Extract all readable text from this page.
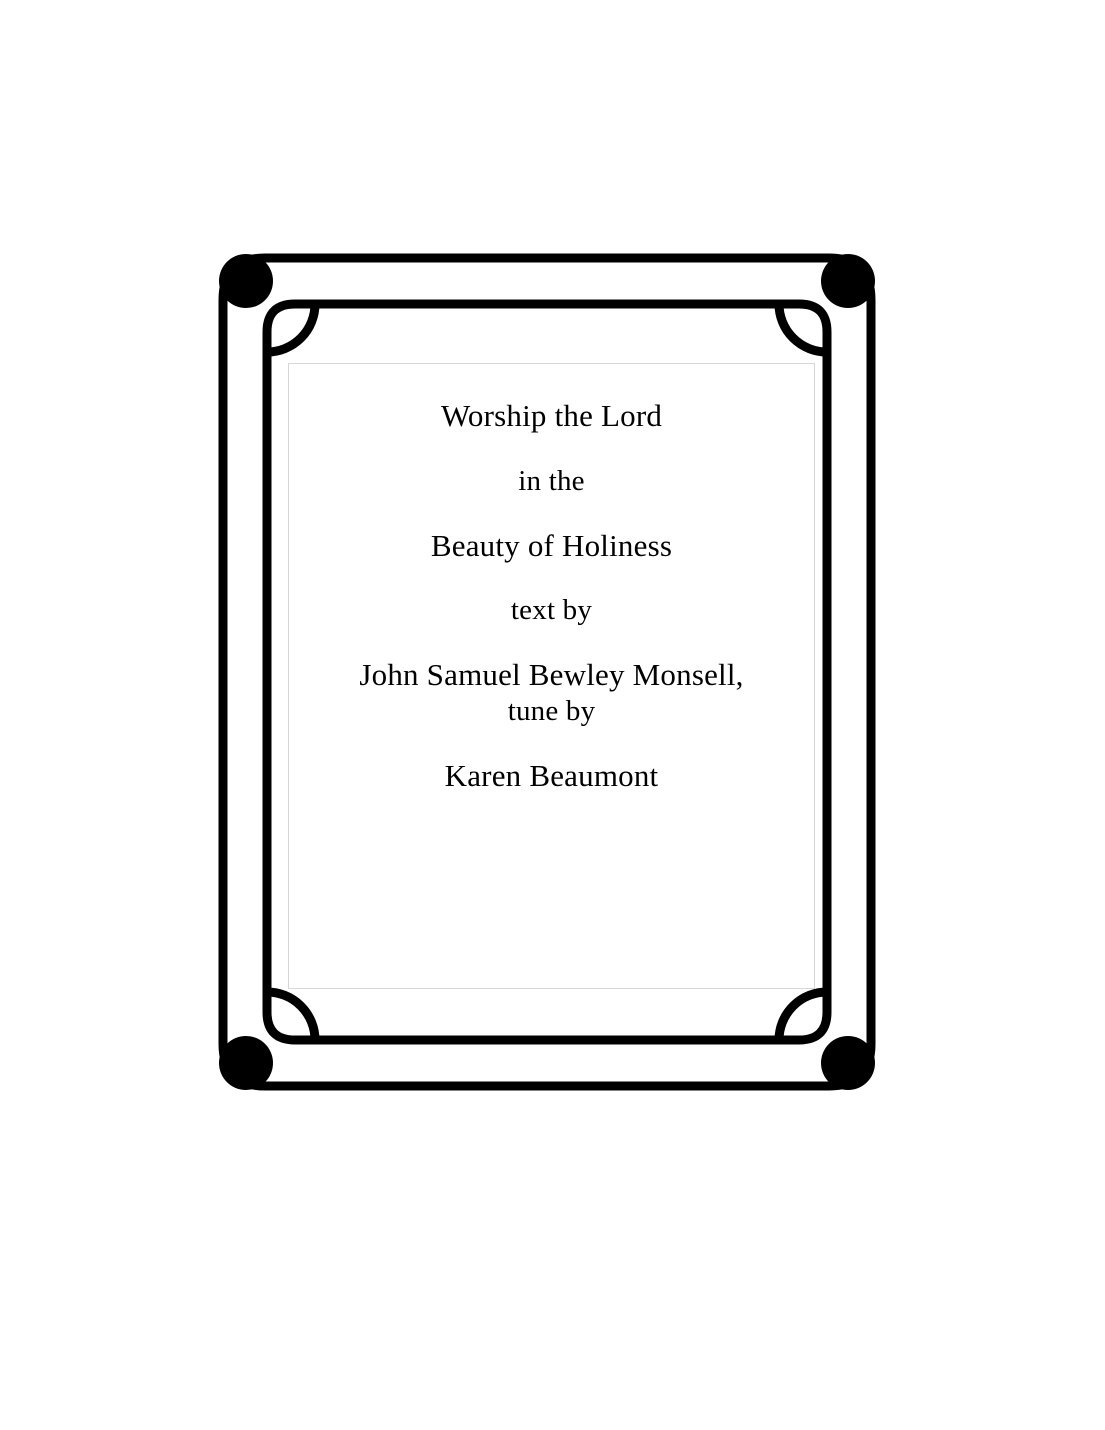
Worship the Lord
in the
Beauty of Holiness
text by
John Samuel Bewley Monsell,
tune by
Karen Beaumont
